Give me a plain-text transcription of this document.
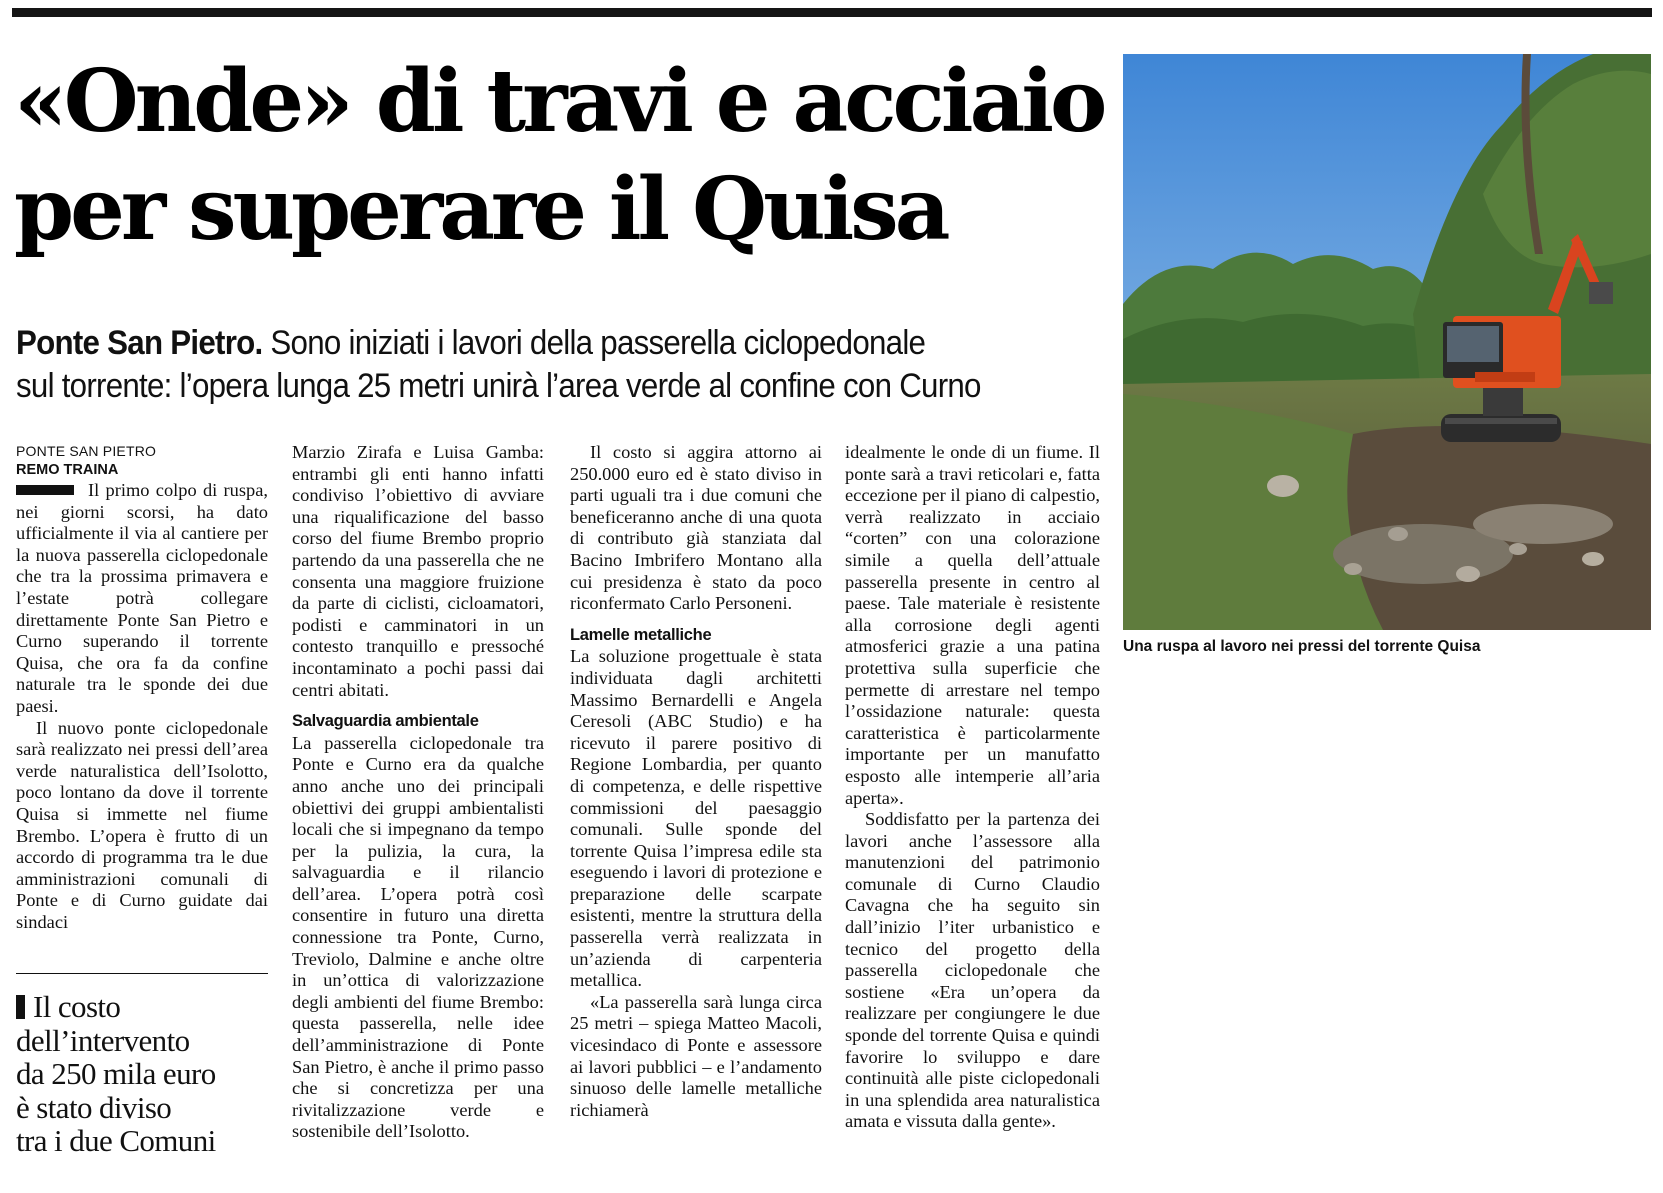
«Onde» di travi e acciaio
per superare il Quisa
Ponte San Pietro. Sono iniziati i lavori della passerella ciclopedonale
sul torrente: l’opera lunga 25 metri unirà l’area verde al confine con Curno
Una ruspa al lavoro nei pressi del torrente Quisa
PONTE SAN PIETRO
REMO TRAINA

Il primo colpo di ruspa, nei giorni scorsi, ha dato ufficialmente il via al cantiere per la nuova passerella ciclopedonale che tra la prossima primavera e l’estate potrà collegare direttamente Ponte San Pietro e Curno superando il torrente Quisa, che ora fa da confine naturale tra le sponde dei due paesi.

Il nuovo ponte ciclopedonale sarà realizzato nei pressi dell’area verde naturalistica dell’Isolotto, poco lontano da dove il torrente Quisa si immette nel fiume Brembo. L’opera è frutto di un accordo di programma tra le due amministrazioni comunali di Ponte e di Curno guidate dai sindaci

Il costo
dell’intervento
da 250 mila euro
è stato diviso
tra i due Comuni

Marzio Zirafa e Luisa Gamba: entrambi gli enti hanno infatti condiviso l’obiettivo di avviare una riqualificazione del basso corso del fiume Brembo proprio partendo da una passerella che ne consenta una maggiore fruizione da parte di ciclisti, cicloamatori, podisti e camminatori in un contesto tranquillo e pressoché incontaminato a pochi passi dai centri abitati.

Salvaguardia ambientale

La passerella ciclopedonale tra Ponte e Curno era da qualche anno anche uno dei principali obiettivi dei gruppi ambientalisti locali che si impegnano da tempo per la pulizia, la cura, la salvaguardia e il rilancio dell’area. L’opera potrà così consentire in futuro una diretta connessione tra Ponte, Curno, Treviolo, Dalmine e anche oltre in un’ottica di valorizzazione degli ambienti del fiume Brembo: questa passerella, nelle idee dell’amministrazione di Ponte San Pietro, è anche il primo passo che si concretizza per una rivitalizzazione verde e sostenibile dell’Isolotto.

Il costo si aggira attorno ai 250.000 euro ed è stato diviso in parti uguali tra i due comuni che beneficeranno anche di una quota di contributo già stanziata dal Bacino Imbrifero Montano alla cui presidenza è stato da poco riconfermato Carlo Personeni.

Lamelle metalliche

La soluzione progettuale è stata individuata dagli architetti Massimo Bernardelli e Angela Ceresoli (ABC Studio) e ha ricevuto il parere positivo di Regione Lombardia, per quanto di competenza, e delle rispettive commissioni del paesaggio comunali. Sulle sponde del torrente Quisa l’impresa edile sta eseguendo i lavori di protezione e preparazione delle scarpate esistenti, mentre la struttura della passerella verrà realizzata in un’azienda di carpenteria metallica.

«La passerella sarà lunga circa 25 metri – spiega Matteo Macoli, vicesindaco di Ponte e assessore ai lavori pubblici – e l’andamento sinuoso delle lamelle metalliche richiamerà

idealmente le onde di un fiume. Il ponte sarà a travi reticolari e, fatta eccezione per il piano di calpestio, verrà realizzato in acciaio “corten” con una colorazione simile a quella dell’attuale passerella presente in centro al paese. Tale materiale è resistente alla corrosione degli agenti atmosferici grazie a una patina protettiva sulla superficie che permette di arrestare nel tempo l’ossidazione naturale: questa caratteristica è particolarmente importante per un manufatto esposto alle intemperie all’aria aperta».

Soddisfatto per la partenza dei lavori anche l’assessore alla manutenzioni del patrimonio comunale di Curno Claudio Cavagna che ha seguito sin dall’inizio l’iter urbanistico e tecnico del progetto della passerella ciclopedonale che sostiene «Era un’opera da realizzare per congiungere le due sponde del torrente Quisa e quindi favorire lo sviluppo e dare continuità alle piste ciclopedonali in una splendida area naturalistica amata e vissuta dalla gente».
